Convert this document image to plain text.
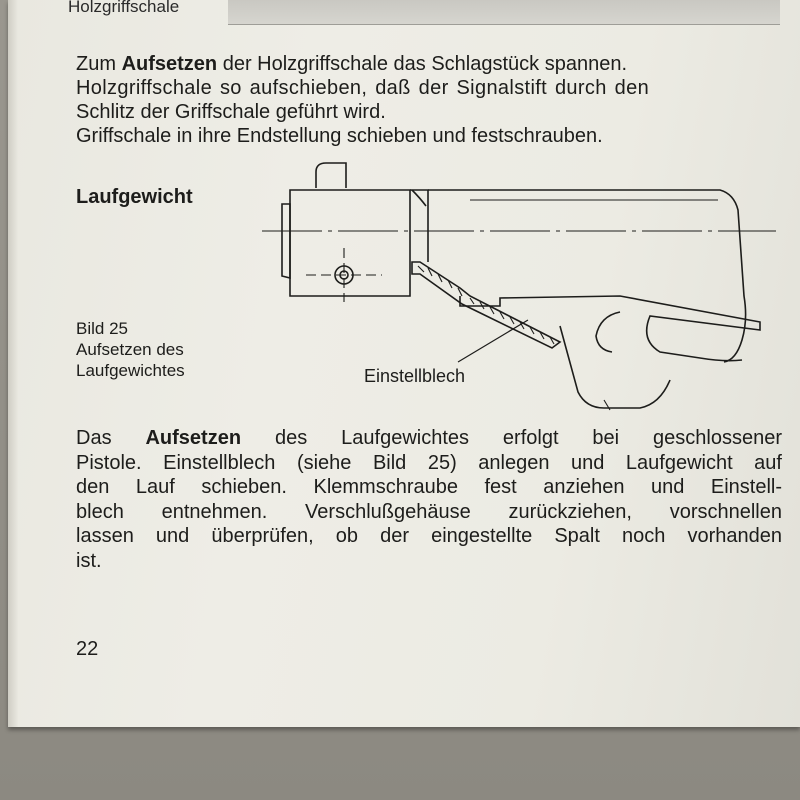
Holzgriffschale
Zum Aufsetzen der Holzgriffschale das Schlagstück spannen.
Holzgriffschale so aufschieben, daß der Signalstift durch den
Schlitz der Griffschale geführt wird.
Griffschale in ihre Endstellung schieben und festschrauben.
Laufgewicht
Bild 25
Aufsetzen des
Laufgewichtes	Einstellblech
Das Aufsetzen des Laufgewichtes erfolgt bei geschlossener
Pistole. Einstellblech (siehe Bild 25) anlegen und Laufgewicht auf
den Lauf schieben. Klemmschraube fest anziehen und Einstell-
blech entnehmen. Verschlußgehäuse zurückziehen, vorschnellen
lassen und überprüfen, ob der eingestellte Spalt noch vorhanden
ist.
22
